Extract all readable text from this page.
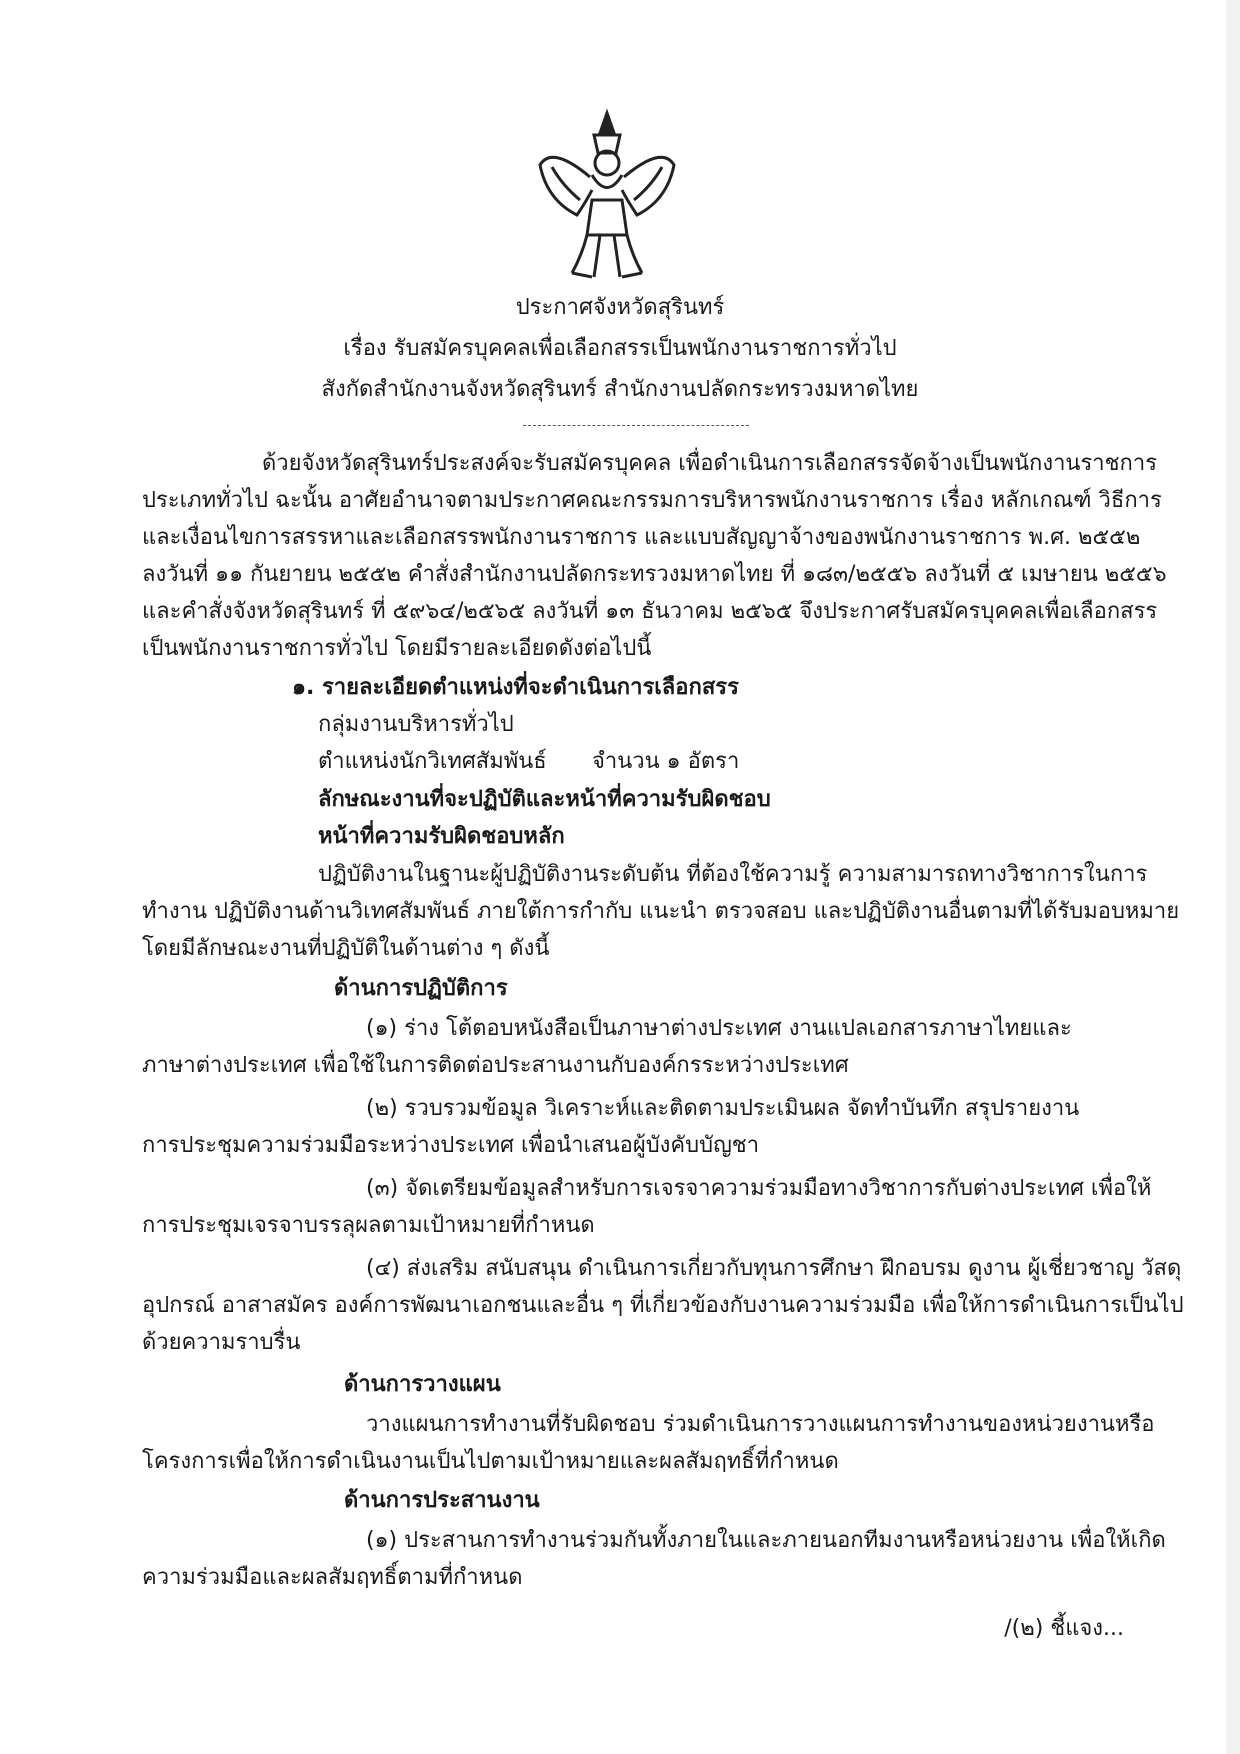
ประกาศจังหวัดสุรินทร์
เรื่อง รับสมัครบุคคลเพื่อเลือกสรรเป็นพนักงานราชการทั่วไป
สังกัดสำนักงานจังหวัดสุรินทร์ สำนักงานปลัดกระทรวงมหาดไทย
ด้วยจังหวัดสุรินทร์ประสงค์จะรับสมัครบุคคล เพื่อดำเนินการเลือกสรรจัดจ้างเป็นพนักงานราชการ
ประเภททั่วไป ฉะนั้น อาศัยอำนาจตามประกาศคณะกรรมการบริหารพนักงานราชการ เรื่อง หลักเกณฑ์ วิธีการ
และเงื่อนไขการสรรหาและเลือกสรรพนักงานราชการ และแบบสัญญาจ้างของพนักงานราชการ พ.ศ. ๒๕๕๒
ลงวันที่ ๑๑ กันยายน ๒๕๕๒ คำสั่งสำนักงานปลัดกระทรวงมหาดไทย ที่ ๑๘๓/๒๕๕๖ ลงวันที่ ๕ เมษายน ๒๕๕๖
และคำสั่งจังหวัดสุรินทร์ ที่ ๕๙๖๔/๒๕๖๕ ลงวันที่ ๑๓ ธันวาคม ๒๕๖๕ จึงประกาศรับสมัครบุคคลเพื่อเลือกสรร
เป็นพนักงานราชการทั่วไป โดยมีรายละเอียดดังต่อไปนี้
๑. รายละเอียดตำแหน่งที่จะดำเนินการเลือกสรร
กลุ่มงานบริหารทั่วไป
ตำแหน่งนักวิเทศสัมพันธ์ จำนวน ๑ อัตรา
ลักษณะงานที่จะปฏิบัติและหน้าที่ความรับผิดชอบ
หน้าที่ความรับผิดชอบหลัก
ปฏิบัติงานในฐานะผู้ปฏิบัติงานระดับต้น ที่ต้องใช้ความรู้ ความสามารถทางวิชาการในการ
ทำงาน ปฏิบัติงานด้านวิเทศสัมพันธ์ ภายใต้การกำกับ แนะนำ ตรวจสอบ และปฏิบัติงานอื่นตามที่ได้รับมอบหมาย
โดยมีลักษณะงานที่ปฏิบัติในด้านต่าง ๆ ดังนี้
ด้านการปฏิบัติการ
(๑) ร่าง โต้ตอบหนังสือเป็นภาษาต่างประเทศ งานแปลเอกสารภาษาไทยและ
ภาษาต่างประเทศ เพื่อใช้ในการติดต่อประสานงานกับองค์กรระหว่างประเทศ
(๒) รวบรวมข้อมูล วิเคราะห์และติดตามประเมินผล จัดทำบันทึก สรุปรายงาน
การประชุมความร่วมมือระหว่างประเทศ เพื่อนำเสนอผู้บังคับบัญชา
(๓) จัดเตรียมข้อมูลสำหรับการเจรจาความร่วมมือทางวิชาการกับต่างประเทศ เพื่อให้
การประชุมเจรจาบรรลุผลตามเป้าหมายที่กำหนด
(๔) ส่งเสริม สนับสนุน ดำเนินการเกี่ยวกับทุนการศึกษา ฝึกอบรม ดูงาน ผู้เชี่ยวชาญ วัสดุ
อุปกรณ์ อาสาสมัคร องค์การพัฒนาเอกชนและอื่น ๆ ที่เกี่ยวข้องกับงานความร่วมมือ เพื่อให้การดำเนินการเป็นไป
ด้วยความราบรื่น
ด้านการวางแผน
วางแผนการทำงานที่รับผิดชอบ ร่วมดำเนินการวางแผนการทำงานของหน่วยงานหรือ
โครงการเพื่อให้การดำเนินงานเป็นไปตามเป้าหมายและผลสัมฤทธิ์ที่กำหนด
ด้านการประสานงาน
(๑) ประสานการทำงานร่วมกันทั้งภายในและภายนอกทีมงานหรือหน่วยงาน เพื่อให้เกิด
ความร่วมมือและผลสัมฤทธิ์ตามที่กำหนด
/(๒) ชี้แจง...
